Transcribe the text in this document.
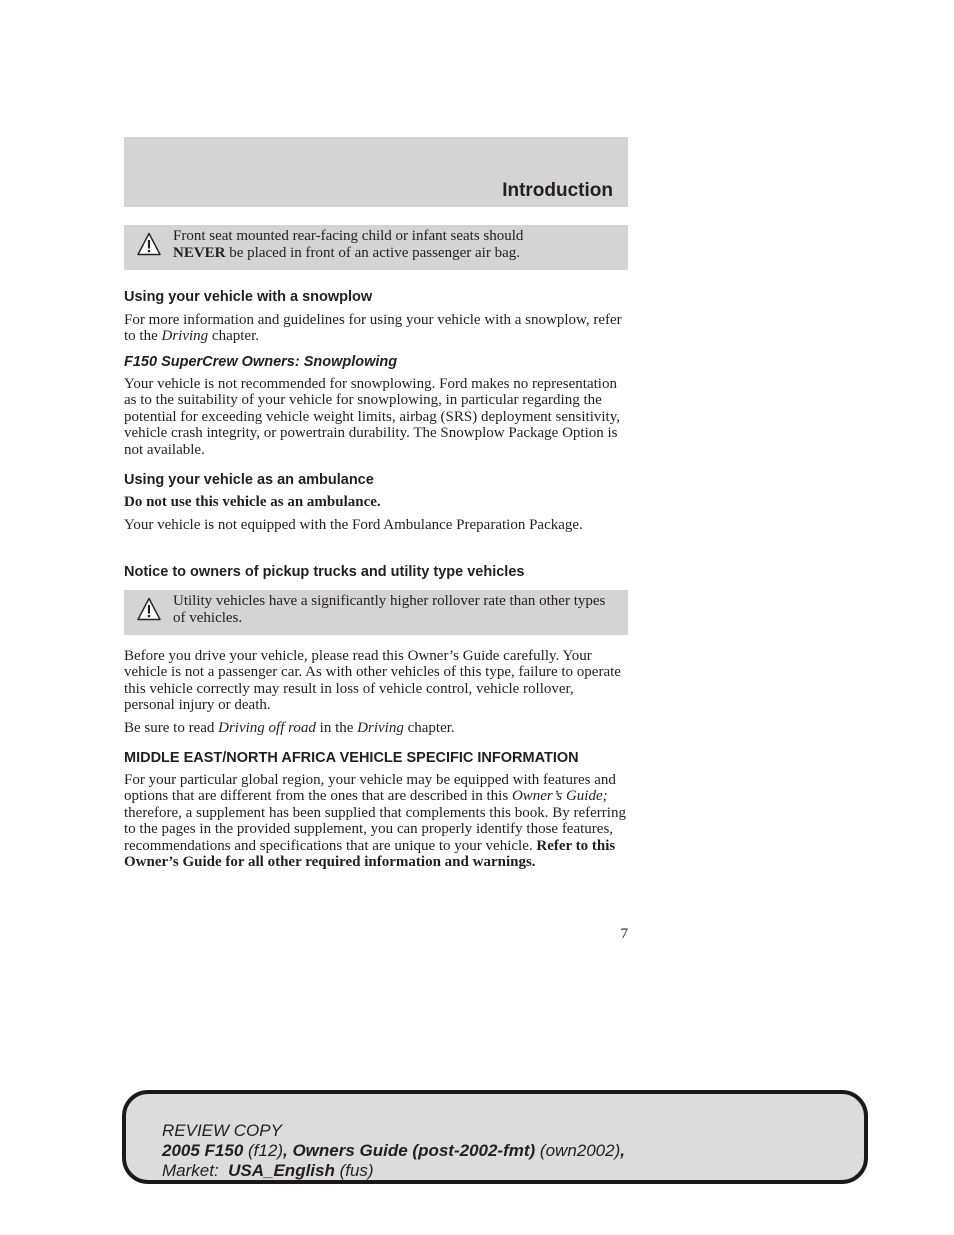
Introduction
Front seat mounted rear-facing child or infant seats should
NEVER be placed in front of an active passenger air bag.
Using your vehicle with a snowplow

For more information and guidelines for using your vehicle with a snowplow, refer to the Driving chapter.

F150 SuperCrew Owners: Snowplowing

Your vehicle is not recommended for snowplowing. Ford makes no representation as to the suitability of your vehicle for snowplowing, in particular regarding the potential for exceeding vehicle weight limits, airbag (SRS) deployment sensitivity, vehicle crash integrity, or powertrain durability. The Snowplow Package Option is not available.

Using your vehicle as an ambulance

Do not use this vehicle as an ambulance.

Your vehicle is not equipped with the Ford Ambulance Preparation Package.

Notice to owners of pickup trucks and utility type vehicles
Utility vehicles have a significantly higher rollover rate than other types of vehicles.

Before you drive your vehicle, please read this Owner’s Guide carefully. Your vehicle is not a passenger car. As with other vehicles of this type, failure to operate this vehicle correctly may result in loss of vehicle control, vehicle rollover, personal injury or death.

Be sure to read Driving off road in the Driving chapter.

MIDDLE EAST/NORTH AFRICA VEHICLE SPECIFIC INFORMATION

For your particular global region, your vehicle may be equipped with features and options that are different from the ones that are described in this Owner’s Guide; therefore, a supplement has been supplied that complements this book. By referring to the pages in the provided supplement, you can properly identify those features, recommendations and specifications that are unique to your vehicle. Refer to this Owner’s Guide for all other required information and warnings.

7
REVIEW COPY
2005 F150 (f12), Owners Guide (post-2002-fmt) (own2002),
Market:  USA_English (fus)
